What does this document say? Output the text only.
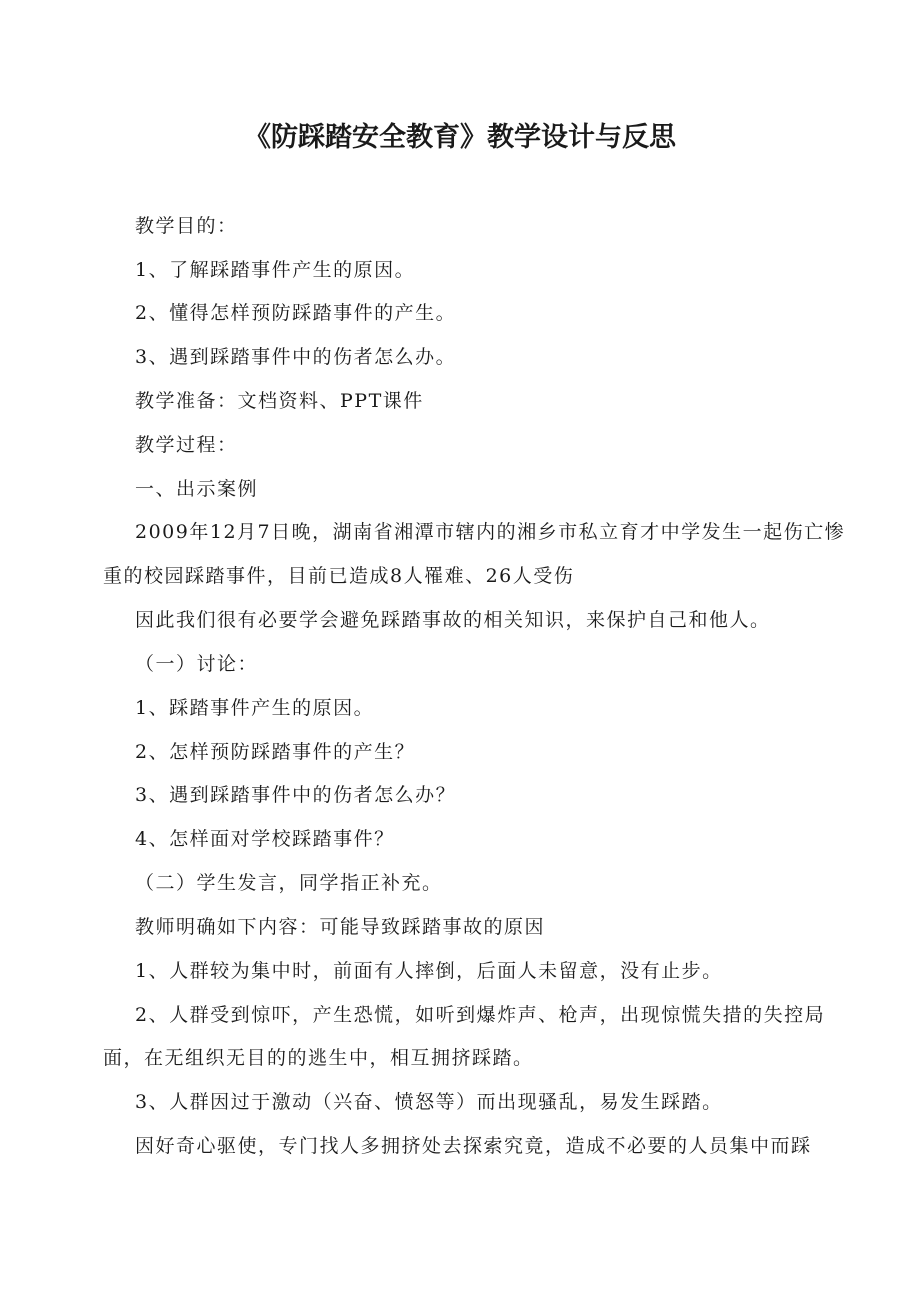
《防踩踏安全教育》教学设计与反思
教学目的：
1、了解踩踏事件产生的原因。
2、懂得怎样预防踩踏事件的产生。
3、遇到踩踏事件中的伤者怎么办。
教学准备：文档资料、PPT课件
教学过程：
一、出示案例
2009年12月7日晚，湖南省湘潭市辖内的湘乡市私立育才中学发生一起伤亡惨
重的校园踩踏事件，目前已造成8人罹难、26人受伤
因此我们很有必要学会避免踩踏事故的相关知识，来保护自己和他人。
（一）讨论：
1、踩踏事件产生的原因。
2、怎样预防踩踏事件的产生？
3、遇到踩踏事件中的伤者怎么办？
4、怎样面对学校踩踏事件？
（二）学生发言，同学指正补充。
教师明确如下内容：可能导致踩踏事故的原因
1、人群较为集中时，前面有人摔倒，后面人未留意，没有止步。
2、人群受到惊吓，产生恐慌，如听到爆炸声、枪声，出现惊慌失措的失控局
面，在无组织无目的的逃生中，相互拥挤踩踏。
3、人群因过于激动（兴奋、愤怒等）而出现骚乱，易发生踩踏。
因好奇心驱使，专门找人多拥挤处去探索究竟，造成不必要的人员集中而踩
